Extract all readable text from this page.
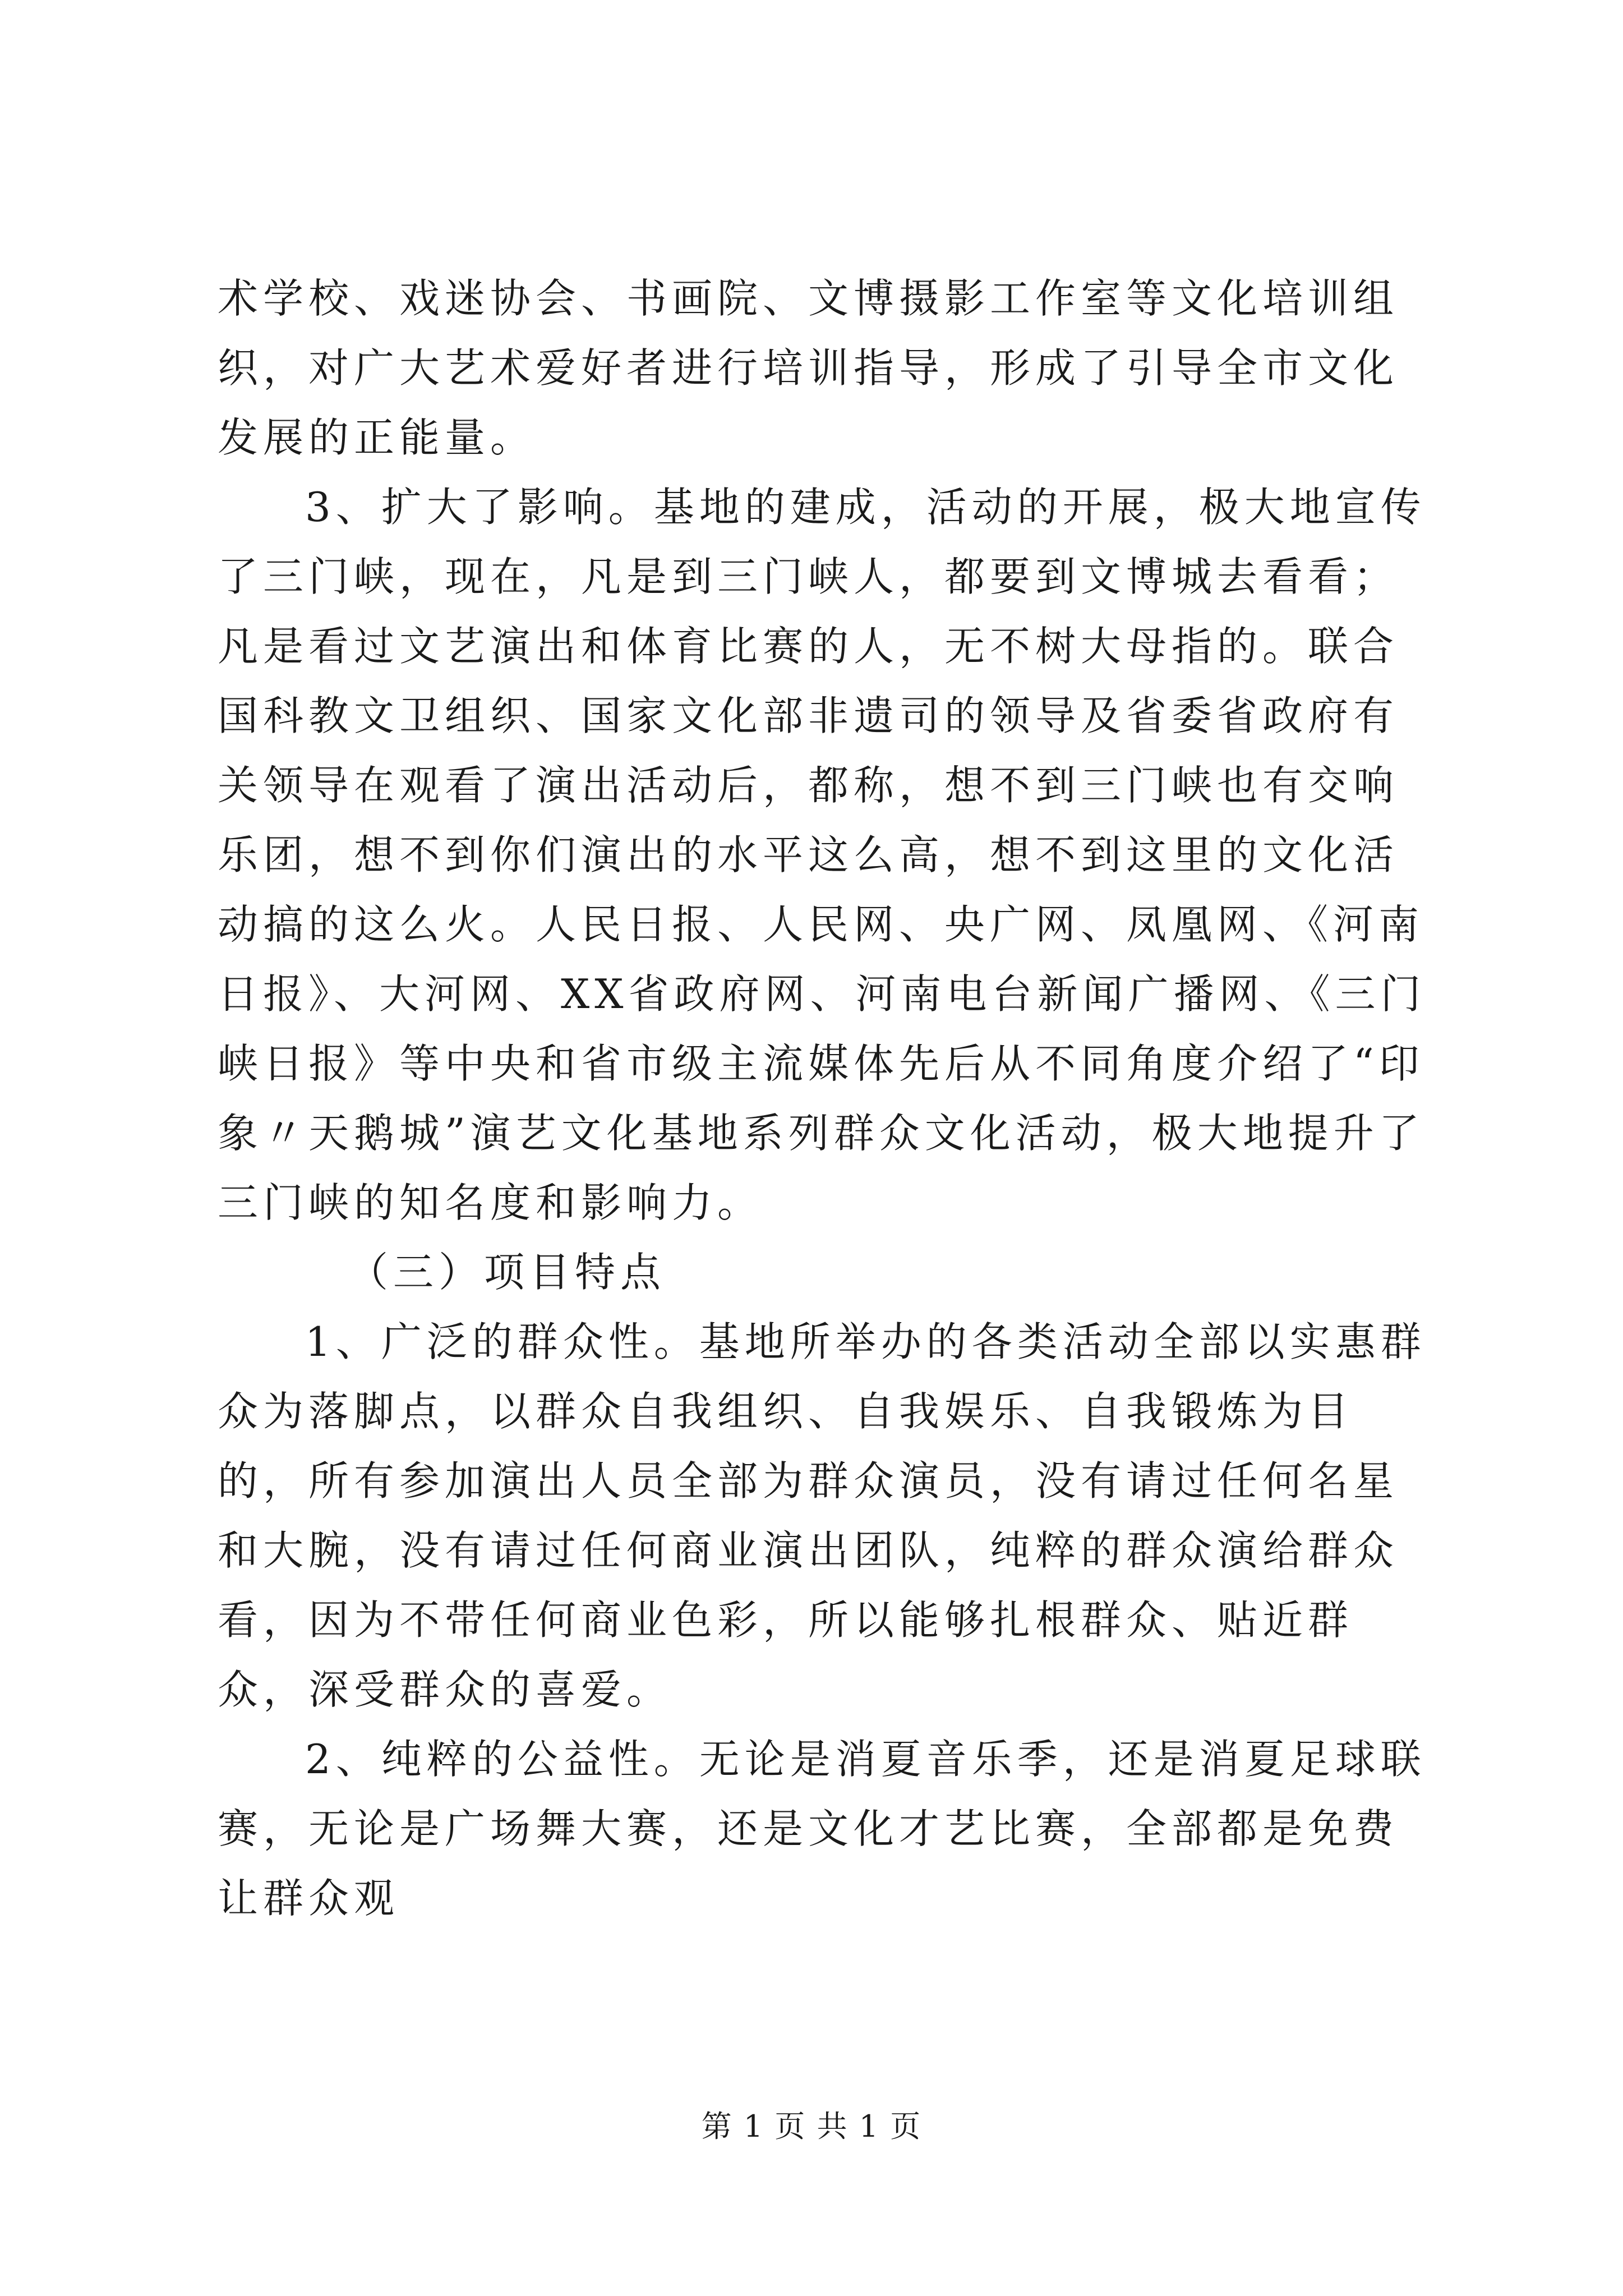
术学校、戏迷协会、书画院、文博摄影工作室等文化培训组织，对广大艺术爱好者进行培训指导，形成了引导全市文化发展的正能量。

3、扩大了影响。基地的建成，活动的开展，极大地宣传了三门峡，现在，凡是到三门峡人，都要到文博城去看看；凡是看过文艺演出和体育比赛的人，无不树大母指的。联合国科教文卫组织、国家文化部非遗司的领导及省委省政府有关领导在观看了演出活动后，都称，想不到三门峡也有交响乐团，想不到你们演出的水平这么高，想不到这里的文化活动搞的这么火。人民日报、人民网、央广网、凤凰网、《河南日报》、大河网、XX省政府网、河南电台新闻广播网、《三门峡日报》等中央和省市级主流媒体先后从不同角度介绍了“印象〃天鹅城”演艺文化基地系列群众文化活动，极大地提升了三门峡的知名度和影响力。

（三）项目特点

1、广泛的群众性。基地所举办的各类活动全部以实惠群众为落脚点，以群众自我组织、自我娱乐、自我锻炼为目的，所有参加演出人员全部为群众演员，没有请过任何名星和大腕，没有请过任何商业演出团队，纯粹的群众演给群众看，因为不带任何商业色彩，所以能够扎根群众、贴近群众，深受群众的喜爱。

2、纯粹的公益性。无论是消夏音乐季，还是消夏足球联赛，无论是广场舞大赛，还是文化才艺比赛，全部都是免费让群众观

第 1 页 共 1 页
